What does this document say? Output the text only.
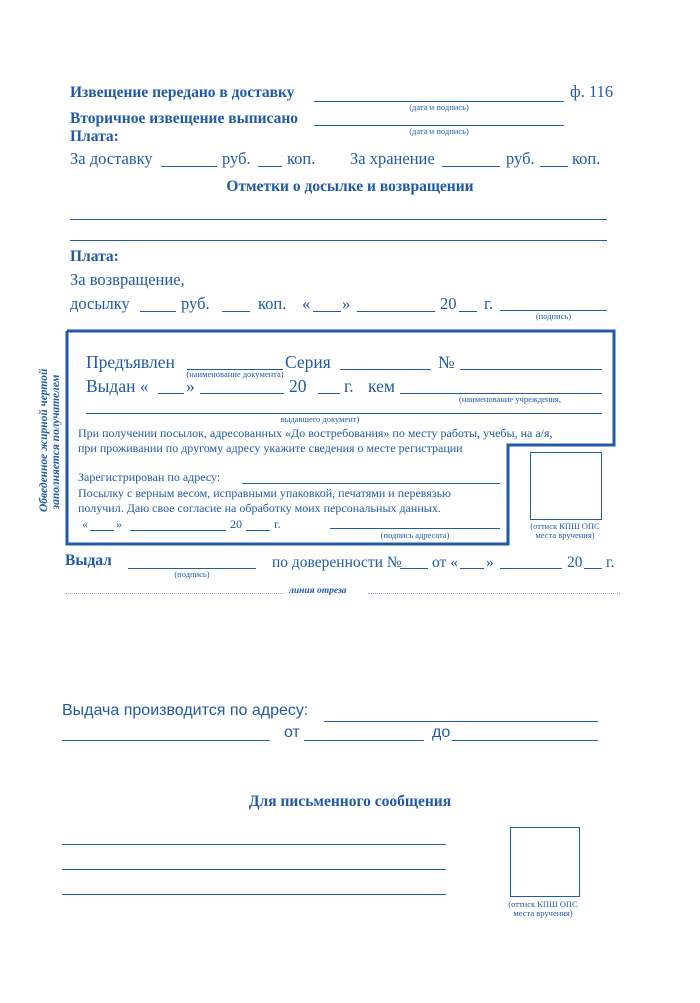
Извещение передано в доставку
(дата и подпись)
ф. 116
Вторичное извещение выписано
(дата и подпись)
Плата:
За доставку	руб. коп. За хранение	руб. коп.
Отметки о досылке и возвращении
Плата:
За возвращение,
досылку	руб.	коп. « »	20 г.
(подпись)
Обведенное жирной чертой заполняется получателем
Предъявлен
(наименование документа)
Серия	№
Выдан « »	20 г. кем
(наименование учреждения,
выдавшего документ)
При получении посылок, адресованных «До востребования» по месту работы, учебы, на а/я,
при проживании по другому адресу укажите сведения о месте регистрации
Зарегистрирован по адресу:
Посылку с верным весом, исправными упаковкой, печатями и перевязью
получил. Даю свое согласие на обработку моих персональных данных.
« »	20	г.
(подпись адресата)
(оттиск КПШ ОПС
места вручения)
Выдал
(подпись)
по доверенности № от « »	20 г.
линия отреза
Выдача производится по адресу:
от	до
Для письменного сообщения
(оттиск КПШ ОПС
места вручения)
